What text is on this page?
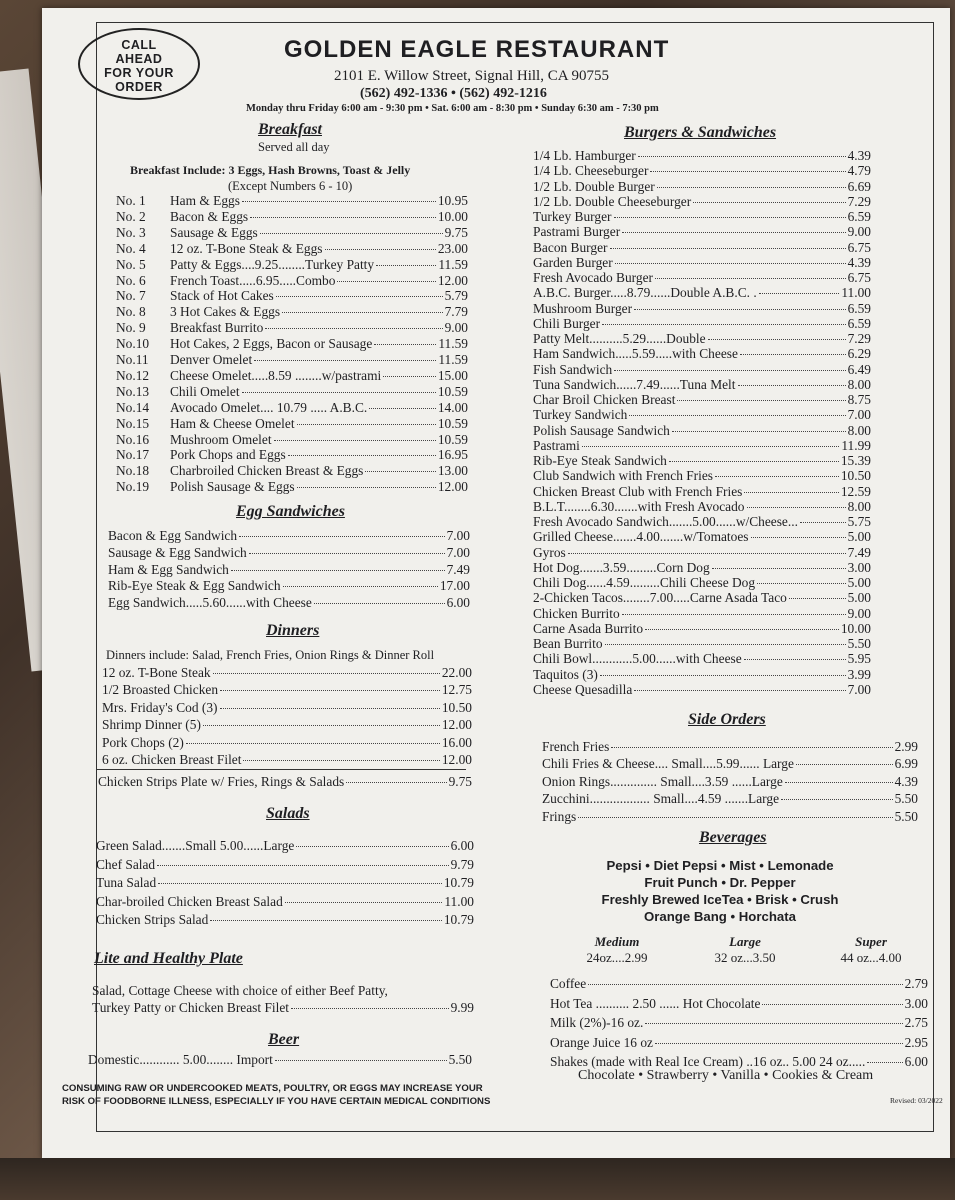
CALL
AHEAD
FOR YOUR
ORDER
GOLDEN EAGLE RESTAURANT
2101 E. Willow Street, Signal Hill, CA 90755
(562) 492-1336 • (562) 492-1216
Monday thru Friday 6:00 am - 9:30 pm • Sat. 6:00 am - 8:30 pm • Sunday 6:30 am - 7:30 pm
Breakfast
Served all day
Breakfast Include: 3 Eggs, Hash Browns, Toast & Jelly
(Except Numbers 6 - 10)
No. 1	Ham & Eggs	10.95
No. 2	Bacon & Eggs	10.00
No. 3	Sausage & Eggs	9.75
No. 4	12 oz. T-Bone Steak & Eggs	23.00
No. 5	Patty & Eggs....9.25........Turkey Patty	11.59
No. 6	French Toast.....6.95.....Combo	12.00
No. 7	Stack of Hot Cakes	5.79
No. 8	3 Hot Cakes & Eggs	7.79
No. 9	Breakfast Burrito	9.00
No.10	Hot Cakes, 2 Eggs, Bacon or Sausage	11.59
No.11	Denver Omelet	11.59
No.12	Cheese Omelet.....8.59 ........w/pastrami	15.00
No.13	Chili Omelet	10.59
No.14	Avocado Omelet.... 10.79 ..... A.B.C.	14.00
No.15	Ham & Cheese Omelet	10.59
No.16	Mushroom Omelet	10.59
No.17	Pork Chops and Eggs	16.95
No.18	Charbroiled Chicken Breast & Eggs	13.00
No.19	Polish Sausage & Eggs	12.00
Egg Sandwiches
Bacon & Egg Sandwich	7.00
Sausage & Egg Sandwich	7.00
Ham & Egg Sandwich	7.49
Rib-Eye Steak & Egg Sandwich	17.00
Egg Sandwich.....5.60......with Cheese	6.00
Dinners
Dinners include: Salad, French Fries, Onion Rings & Dinner Roll
12 oz. T-Bone Steak	22.00
1/2 Broasted Chicken	12.75
Mrs. Friday's Cod (3)	10.50
Shrimp Dinner (5)	12.00
Pork Chops (2)	16.00
6 oz. Chicken Breast Filet	12.00
Chicken Strips Plate w/ Fries, Rings & Salads	9.75
Salads
Green Salad.......Small 5.00......Large	6.00
Chef Salad	9.79
Tuna Salad	10.79
Char-broiled Chicken Breast Salad	11.00
Chicken Strips Salad	10.79
Lite and Healthy Plate
Salad, Cottage Cheese with choice of either Beef Patty,
Turkey Patty or Chicken Breast Filet	9.99
Beer
Domestic............ 5.00........ Import	5.50
CONSUMING RAW OR UNDERCOOKED MEATS, POULTRY, OR EGGS MAY INCREASE YOUR
RISK OF FOODBORNE ILLNESS, ESPECIALLY IF YOU HAVE CERTAIN MEDICAL CONDITIONS
Burgers & Sandwiches
1/4 Lb. Hamburger	4.39
1/4 Lb. Cheeseburger	4.79
1/2 Lb. Double Burger	6.69
1/2 Lb. Double Cheeseburger	7.29
Turkey Burger	6.59
Pastrami Burger	9.00
Bacon Burger	6.75
Garden Burger	4.39
Fresh Avocado Burger	6.75
A.B.C. Burger.....8.79......Double A.B.C. .	11.00
Mushroom Burger	6.59
Chili Burger	6.59
Patty Melt..........5.29......Double	7.29
Ham Sandwich.....5.59.....with Cheese	6.29
Fish Sandwich	6.49
Tuna Sandwich......7.49......Tuna Melt	8.00
Char Broil Chicken Breast	8.75
Turkey Sandwich	7.00
Polish Sausage Sandwich	8.00
Pastrami	11.99
Rib-Eye Steak Sandwich	15.39
Club Sandwich with French Fries	10.50
Chicken Breast Club with French Fries	12.59
B.L.T........6.30.......with Fresh Avocado	8.00
Fresh Avocado Sandwich.......5.00......w/Cheese...	5.75
Grilled Cheese.......4.00.......w/Tomatoes	5.00
Gyros	7.49
Hot Dog.......3.59.........Corn Dog	3.00
Chili Dog......4.59.........Chili Cheese Dog	5.00
2-Chicken Tacos........7.00.....Carne Asada Taco	5.00
Chicken Burrito	9.00
Carne Asada Burrito	10.00
Bean Burrito	5.50
Chili Bowl............5.00......with Cheese	5.95
Taquitos (3)	3.99
Cheese Quesadilla	7.00
Side Orders
French Fries	2.99
Chili Fries & Cheese.... Small....5.99...... Large	6.99
Onion Rings.............. Small....3.59 ......Large	4.39
Zucchini.................. Small....4.59 .......Large	5.50
Frings	5.50
Beverages
Pepsi • Diet Pepsi • Mist • Lemonade
Fruit Punch • Dr. Pepper
Freshly Brewed IceTea • Brisk • Crush
Orange Bang • Horchata
Medium
24oz....2.99
Large
32 oz...3.50
Super
44 oz...4.00
Coffee	2.79
Hot Tea .......... 2.50 ...... Hot Chocolate	3.00
Milk (2%)-16 oz.	2.75
Orange Juice 16 oz	2.95
Shakes (made with Real Ice Cream) ..16 oz.. 5.00 24 oz.....	6.00
Chocolate • Strawberry • Vanilla • Cookies & Cream
Revised: 03/2022
